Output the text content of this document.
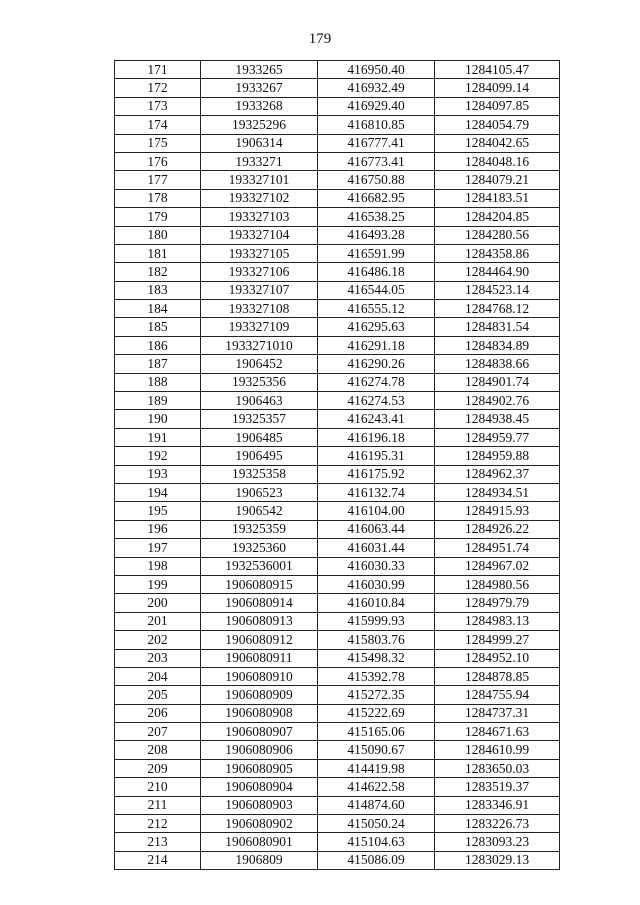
179
171	1933265	416950.40	1284105.47
172	1933267	416932.49	1284099.14
173	1933268	416929.40	1284097.85
174	19325296	416810.85	1284054.79
175	1906314	416777.41	1284042.65
176	1933271	416773.41	1284048.16
177	193327101	416750.88	1284079.21
178	193327102	416682.95	1284183.51
179	193327103	416538.25	1284204.85
180	193327104	416493.28	1284280.56
181	193327105	416591.99	1284358.86
182	193327106	416486.18	1284464.90
183	193327107	416544.05	1284523.14
184	193327108	416555.12	1284768.12
185	193327109	416295.63	1284831.54
186	1933271010	416291.18	1284834.89
187	1906452	416290.26	1284838.66
188	19325356	416274.78	1284901.74
189	1906463	416274.53	1284902.76
190	19325357	416243.41	1284938.45
191	1906485	416196.18	1284959.77
192	1906495	416195.31	1284959.88
193	19325358	416175.92	1284962.37
194	1906523	416132.74	1284934.51
195	1906542	416104.00	1284915.93
196	19325359	416063.44	1284926.22
197	19325360	416031.44	1284951.74
198	1932536001	416030.33	1284967.02
199	1906080915	416030.99	1284980.56
200	1906080914	416010.84	1284979.79
201	1906080913	415999.93	1284983.13
202	1906080912	415803.76	1284999.27
203	1906080911	415498.32	1284952.10
204	1906080910	415392.78	1284878.85
205	1906080909	415272.35	1284755.94
206	1906080908	415222.69	1284737.31
207	1906080907	415165.06	1284671.63
208	1906080906	415090.67	1284610.99
209	1906080905	414419.98	1283650.03
210	1906080904	414622.58	1283519.37
211	1906080903	414874.60	1283346.91
212	1906080902	415050.24	1283226.73
213	1906080901	415104.63	1283093.23
214	1906809	415086.09	1283029.13
